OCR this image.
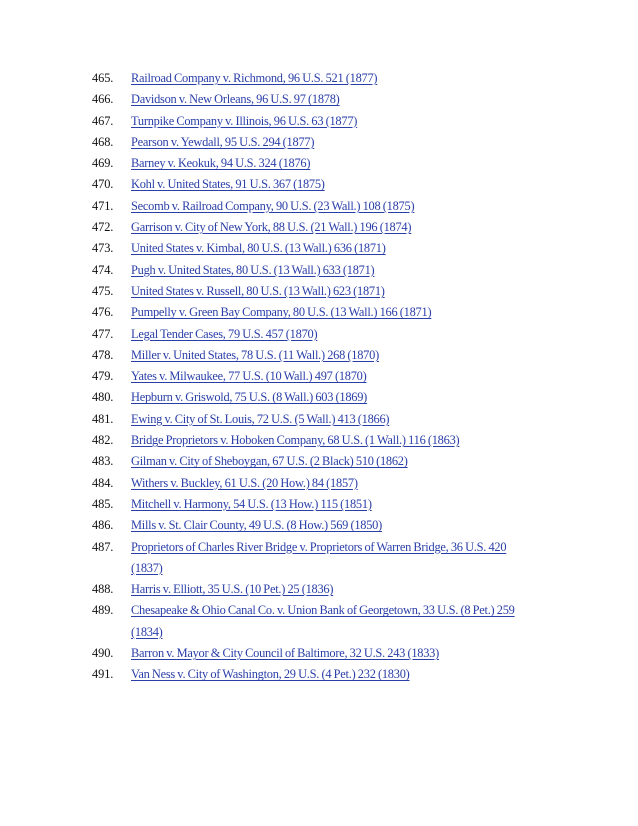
465.	Railroad Company v. Richmond, 96 U.S. 521 (1877)
466.	Davidson v. New Orleans, 96 U.S. 97 (1878)
467.	Turnpike Company v. Illinois, 96 U.S. 63 (1877)
468.	Pearson v. Yewdall, 95 U.S. 294 (1877)
469.	Barney v. Keokuk, 94 U.S. 324 (1876)
470.	Kohl v. United States, 91 U.S. 367 (1875)
471.	Secomb v. Railroad Company, 90 U.S. (23 Wall.) 108 (1875)
472.	Garrison v. City of New York, 88 U.S. (21 Wall.) 196 (1874)
473.	United States v. Kimbal, 80 U.S. (13 Wall.) 636 (1871)
474.	Pugh v. United States, 80 U.S. (13 Wall.) 633 (1871)
475.	United States v. Russell, 80 U.S. (13 Wall.) 623 (1871)
476.	Pumpelly v. Green Bay Company, 80 U.S. (13 Wall.) 166 (1871)
477.	Legal Tender Cases, 79 U.S. 457 (1870)
478.	Miller v. United States, 78 U.S. (11 Wall.) 268 (1870)
479.	Yates v. Milwaukee, 77 U.S. (10 Wall.) 497 (1870)
480.	Hepburn v. Griswold, 75 U.S. (8 Wall.) 603 (1869)
481.	Ewing v. City of St. Louis, 72 U.S. (5 Wall.) 413 (1866)
482.	Bridge Proprietors v. Hoboken Company, 68 U.S. (1 Wall.) 116 (1863)
483.	Gilman v. City of Sheboygan, 67 U.S. (2 Black) 510 (1862)
484.	Withers v. Buckley, 61 U.S. (20 How.) 84 (1857)
485.	Mitchell v. Harmony, 54 U.S. (13 How.) 115 (1851)
486.	Mills v. St. Clair County, 49 U.S. (8 How.) 569 (1850)
487.	Proprietors of Charles River Bridge v. Proprietors of Warren Bridge, 36 U.S. 420 (1837)
488.	Harris v. Elliott, 35 U.S. (10 Pet.) 25 (1836)
489.	Chesapeake & Ohio Canal Co. v. Union Bank of Georgetown, 33 U.S. (8 Pet.) 259 (1834)
490.	Barron v. Mayor & City Council of Baltimore, 32 U.S. 243 (1833)
491.	Van Ness v. City of Washington, 29 U.S. (4 Pet.) 232 (1830)
